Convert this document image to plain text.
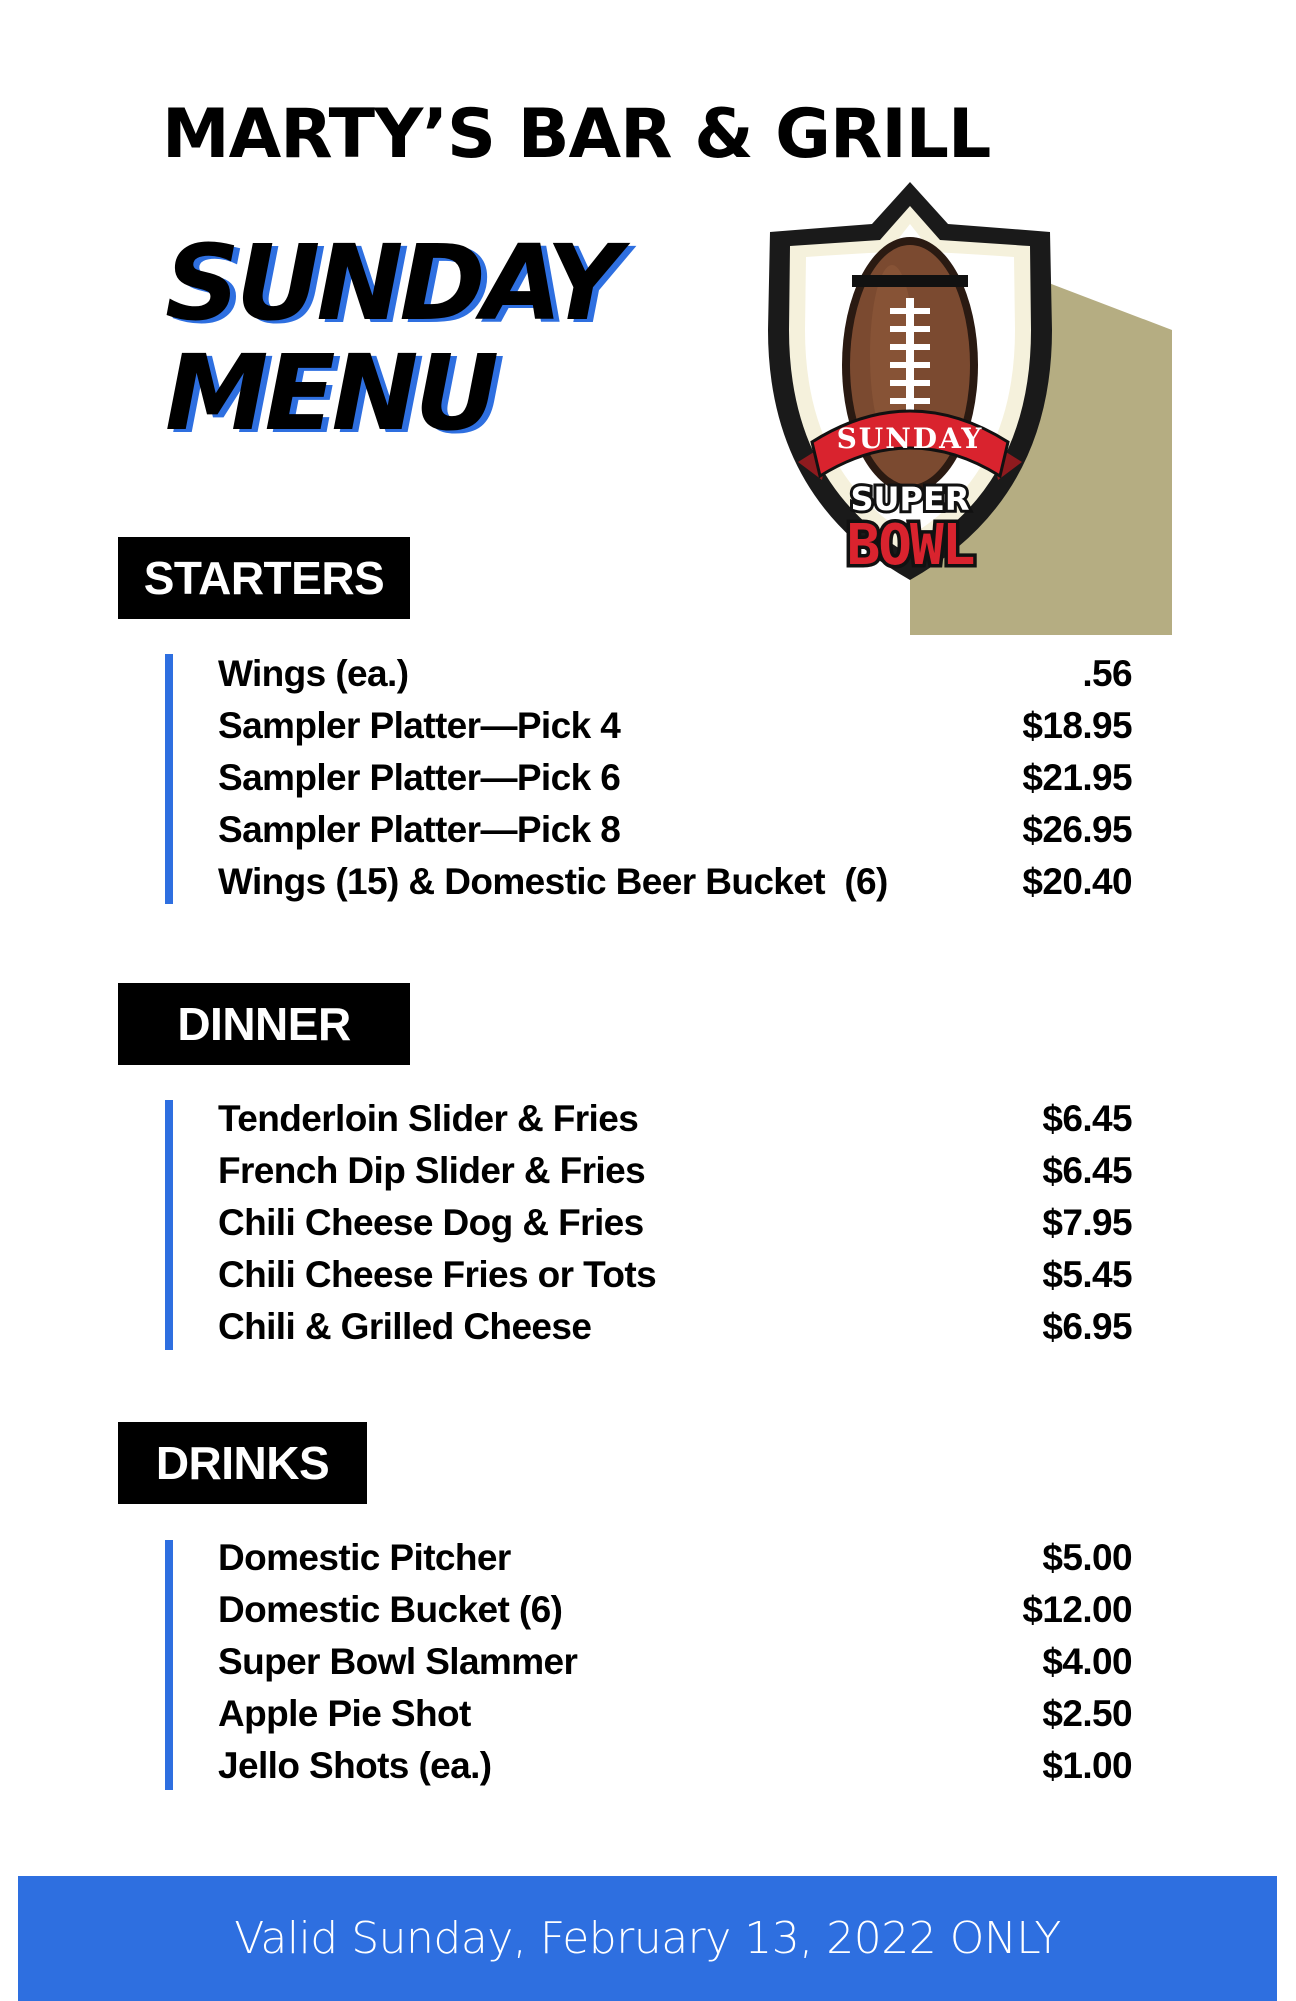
MARTY’S BAR & GRILL
SUNDAY
MENU	SUNDAY
SUPER
BOWL
STARTERS
Wings (ea.)	.56
Sampler Platter—Pick 4	$18.95
Sampler Platter—Pick 6	$21.95
Sampler Platter—Pick 8	$26.95
Wings (15) & Domestic Beer Bucket  (6)	$20.40
DINNER
Tenderloin Slider & Fries	$6.45
French Dip Slider & Fries	$6.45
Chili Cheese Dog & Fries	$7.95
Chili Cheese Fries or Tots	$5.45
Chili & Grilled Cheese	$6.95
DRINKS
Domestic Pitcher	$5.00
Domestic Bucket (6)	$12.00
Super Bowl Slammer	$4.00
Apple Pie Shot	$2.50
Jello Shots (ea.)	$1.00
Valid Sunday, February 13, 2022 ONLY
